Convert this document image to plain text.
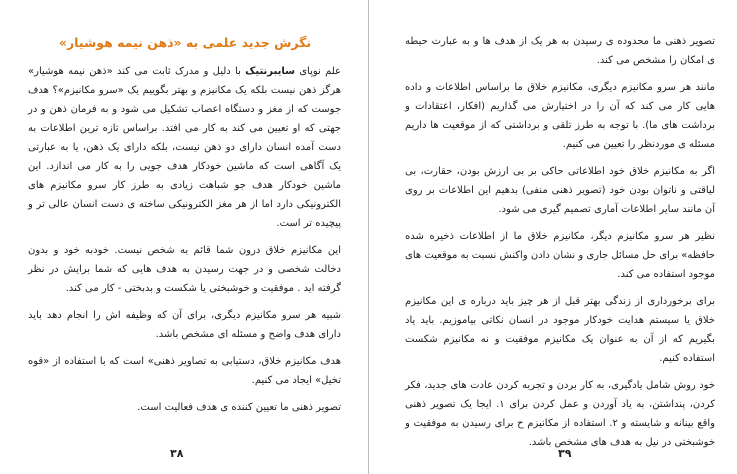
نگرش جدید علمی به «ذهن نیمه هوشیار»

علم نوپای سایبرنتیک با دلیل و مدرک ثابت می کند «ذهن نیمه هوشیار» هرگز ذهن نیست بلکه یک مکانیزم و بهتر بگوییم یک «سرو مکانیزم»؟ هدف جوست که از مغز و دستگاه اعصاب تشکیل می شود و به فرمان ذهن و در جهتی که او تعیین می کند به کار می افتد. براساس تازه ترین اطلاعات به دست آمده انسان دارای دو ذهن نیست، بلکه دارای یک ذهن، یا به عبارتی یک آگاهی است که ماشین خودکار هدف جویی را به کار می اندازد. این ماشین خودکار هدف جو شباهت زیادی به طرز کار سرو مکانیزم های الکترونیکی دارد اما از هر مغز الکترونیکی ساخته ی دست انسان عالی تر و پیچیده تر است.

این مکانیزم خلاق درون شما قائم به شخص نیست. خودبه خود و بدون دخالت شخصی و در جهت رسیدن به هدف هایی که شما برایش در نظر گرفته اید . موفقیت و خوشبختی یا شکست و بدبختی - کار می کند.

شبیه هر سرو مکانیزم دیگری، برای آن که وظیفه اش را انجام دهد باید دارای هدف واضح و مسئله ای مشخص باشد.

هدف مکانیزم خلاق، دستیابی به تصاویر ذهنی» است که با استفاده از «قوه تخیل» ایجاد می کنیم.

تصویر ذهنی ما تعیین کننده ی هدف فعالیت است.

۳۸

تصویر ذهنی ما محدوده ی رسیدن به هر یک از هدف ها و به عبارت حیطه ی امکان را مشخص می کند.

مانند هر سرو مکانیزم دیگری، مکانیزم خلاق ما براساس اطلاعات و داده هایی کار می کند که آن را در اختیارش می گذاریم (افکار، اعتقادات و برداشت های ما). با توجه به طرز تلقی و برداشتی که از موقعیت ها داریم مسئله ی موردنظر را تعیین می کنیم.

اگر به مکانیزم خلاق خود اطلاعاتی حاکی بر بی ارزش بودن، حقارت، بی لیاقتی و ناتوان بودن خود (تصویر ذهنی منفی) بدهیم این اطلاعات بر روی آن مانند سایر اطلاعات آماری تصمیم گیری می شود.

نظیر هر سرو مکانیزم دیگر، مکانیزم خلاق ما از اطلاعات ذخیره شده حافظه» برای حل مسائل جاری و نشان دادن واکنش نسبت به موقعیت های موجود استفاده می کند.

برای برخورداری از زندگی بهتر قبل از هر چیز باید درباره ی این مکانیزم خلاق یا سیستم هدایت خودکار موجود در انسان نکاتی بیاموزیم. باید یاد بگیریم که از آن به عنوان یک مکانیزم موفقیت و نه مکانیزم شکست استفاده کنیم.

خود روش شامل یادگیری، به کار بردن و تجربه کردن عادت های جدید، فکر کردن، پنداشتن، به یاد آوردن و عمل کردن برای ۱. ایجا یک تصویر ذهنی واقع بینانه و شایسته و ۲. استفاده از مکانیزم ح برای رسیدن به موفقیت و خوشبختی در نیل به هدف های مشخص باشد.

۳۹
